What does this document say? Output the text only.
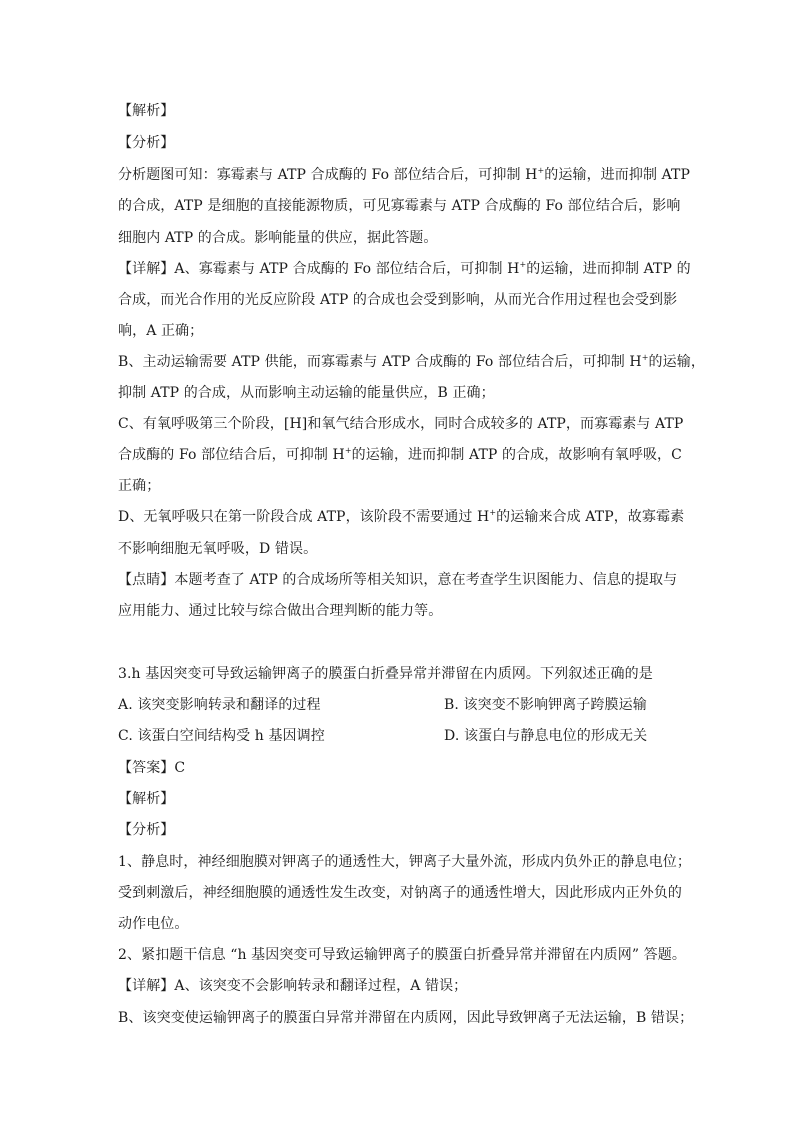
【解析】
【分析】
分析题图可知：寡霉素与 ATP 合成酶的 Fo 部位结合后，可抑制 H+的运输，进而抑制 ATP
的合成，ATP 是细胞的直接能源物质，可见寡霉素与 ATP 合成酶的 Fo 部位结合后，影响
细胞内 ATP 的合成。影响能量的供应，据此答题。
【详解】A、寡霉素与 ATP 合成酶的 Fo 部位结合后，可抑制 H+的运输，进而抑制 ATP 的
合成，而光合作用的光反应阶段 ATP 的合成也会受到影响，从而光合作用过程也会受到影
响，A 正确；
B、主动运输需要 ATP 供能，而寡霉素与 ATP 合成酶的 Fo 部位结合后，可抑制 H+的运输，
抑制 ATP 的合成，从而影响主动运输的能量供应，B 正确；
C、有氧呼吸第三个阶段，[H]和氧气结合形成水，同时合成较多的 ATP，而寡霉素与 ATP
合成酶的 Fo 部位结合后，可抑制 H+的运输，进而抑制 ATP 的合成，故影响有氧呼吸，C
正确；
D、无氧呼吸只在第一阶段合成 ATP，该阶段不需要通过 H+的运输来合成 ATP，故寡霉素
不影响细胞无氧呼吸，D 错误。
【点睛】本题考查了 ATP 的合成场所等相关知识，意在考查学生识图能力、信息的提取与
应用能力、通过比较与综合做出合理判断的能力等。
3.h 基因突变可导致运输钾离子的膜蛋白折叠异常并滞留在内质网。下列叙述正确的是
A. 该突变影响转录和翻译的过程	B. 该突变不影响钾离子跨膜运输
C. 该蛋白空间结构受 h 基因调控	D. 该蛋白与静息电位的形成无关
【答案】C
【解析】
【分析】
1、静息时，神经细胞膜对钾离子的通透性大，钾离子大量外流，形成内负外正的静息电位；
受到刺激后，神经细胞膜的通透性发生改变，对钠离子的通透性增大，因此形成内正外负的
动作电位。
2、紧扣题干信息 “h 基因突变可导致运输钾离子的膜蛋白折叠异常并滞留在内质网” 答题。
【详解】A、该突变不会影响转录和翻译过程，A 错误；
B、该突变使运输钾离子的膜蛋白异常并滞留在内质网，因此导致钾离子无法运输，B 错误；
